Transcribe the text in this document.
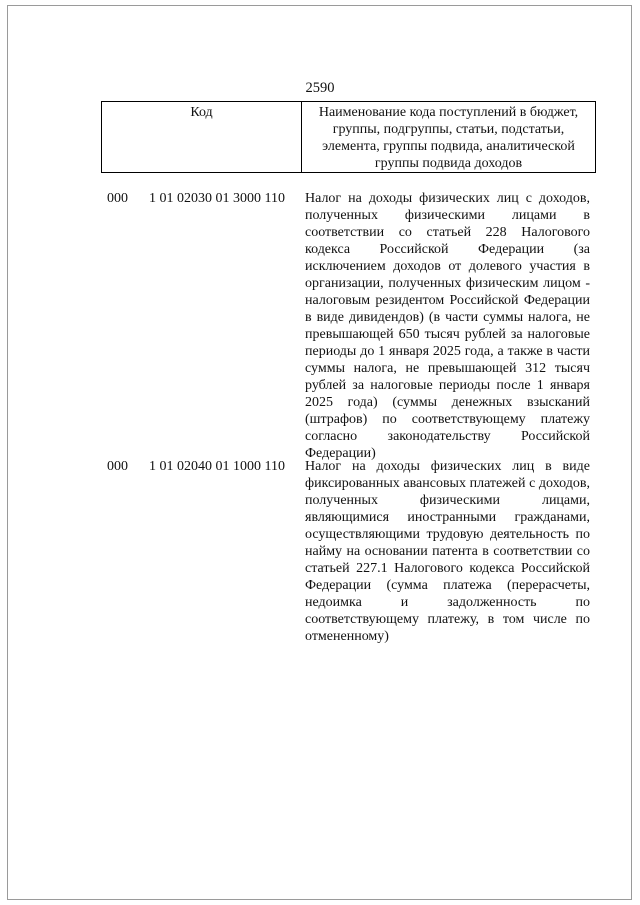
2590
Код	Наименование кода поступлений в бюджет, группы, подгруппы, статьи, подстатьи, элемента, группы подвида, аналитической группы подвида доходов
000 1 01 02030 01 3000 110 Налог на доходы физических лиц с доходов, полученных физическими лицами в соответствии со статьей 228 Налогового кодекса Российской Федерации (за исключением доходов от долевого участия в организации, полученных физическим лицом - налоговым резидентом Российской Федерации в виде дивидендов) (в части суммы налога, не превышающей 650 тысяч рублей за налоговые периоды до 1 января 2025 года, а также в части суммы налога, не превышающей 312 тысяч рублей за налоговые периоды после 1 января 2025 года) (суммы денежных взысканий (штрафов) по соответствующему платежу согласно законодательству Российской Федерации)
000 1 01 02040 01 1000 110 Налог на доходы физических лиц в виде фиксированных авансовых платежей с доходов, полученных физическими лицами, являющимися иностранными гражданами, осуществляющими трудовую деятельность по найму на основании патента в соответствии со статьей 227.1 Налогового кодекса Российской Федерации (сумма платежа (перерасчеты, недоимка и задолженность по соответствующему платежу, в том числе по отмененному)
